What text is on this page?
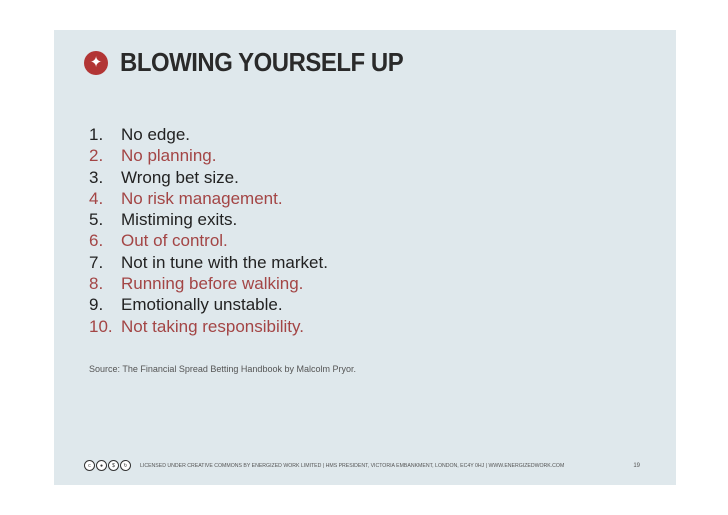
✦ BLOWING YOURSELF UP
1.	No edge.
2.	No planning.
3.	Wrong bet size.
4.	No risk management.
5.	Mistiming exits.
6.	Out of control.
7.	Not in tune with the market.
8.	Running before walking.
9.	Emotionally unstable.
10. Not taking responsibility.
Source: The Financial Spread Betting Handbook by Malcolm Pryor.
c	●	$	↻	LICENSED UNDER CREATIVE COMMONS BY ENERGIZED WORK LIMITED | HMS PRESIDENT, VICTORIA EMBANKMENT, LONDON, EC4Y 0HJ | WWW.ENERGIZEDWORK.COM	19
